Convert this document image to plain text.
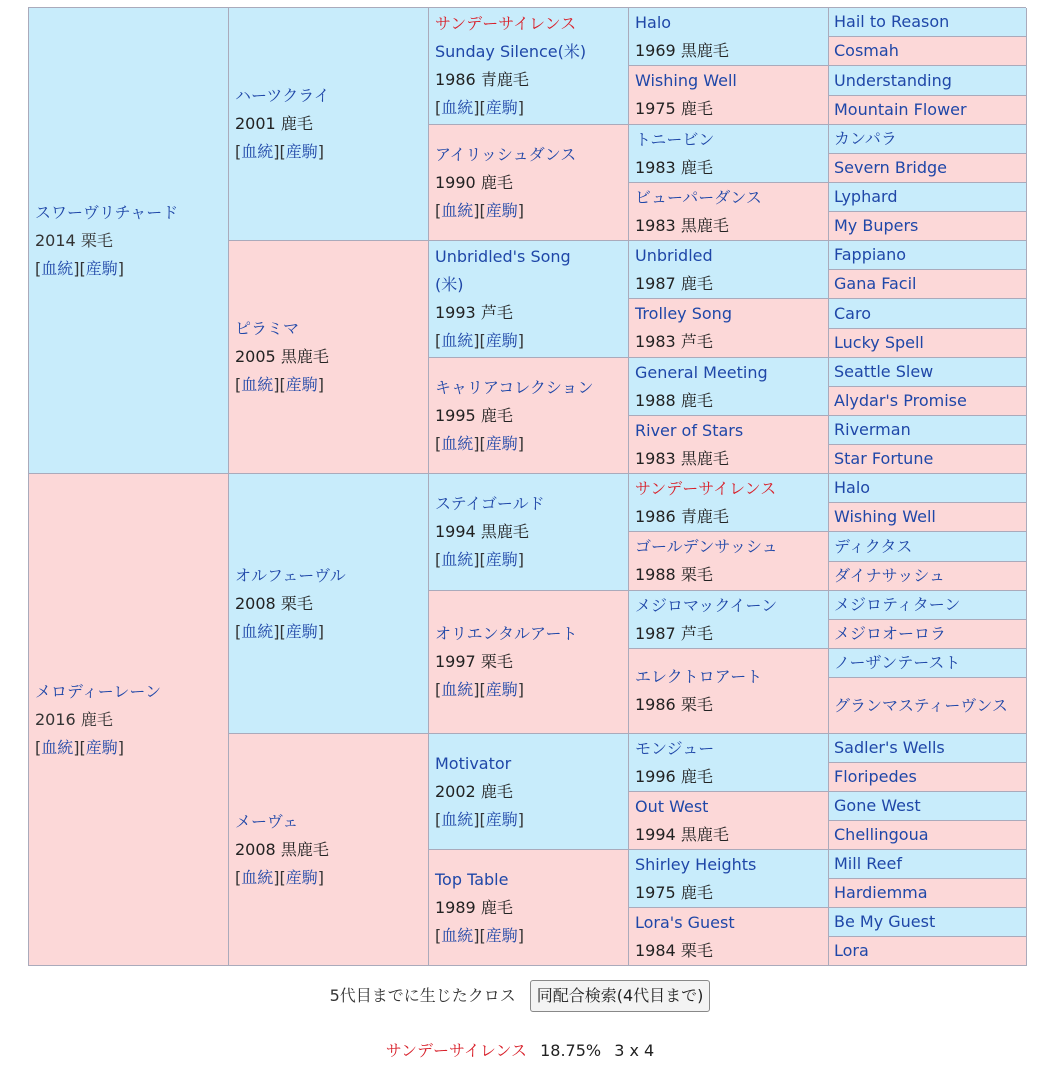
スワーヴリチャード
2014 栗毛
[血統][産駒]
メロディーレーン
2016 鹿毛
[血統][産駒]
ハーツクライ
2001 鹿毛
[血統][産駒]
ピラミマ
2005 黒鹿毛
[血統][産駒]
オルフェーヴル
2008 栗毛
[血統][産駒]
メーヴェ
2008 黒鹿毛
[血統][産駒]
サンデーサイレンス
Sunday Silence(米)
1986 青鹿毛
[血統][産駒]
アイリッシュダンス
1990 鹿毛
[血統][産駒]
Unbridled's Song
(米)
1993 芦毛
[血統][産駒]
キャリアコレクション
1995 鹿毛
[血統][産駒]
ステイゴールド
1994 黒鹿毛
[血統][産駒]
オリエンタルアート
1997 栗毛
[血統][産駒]
Motivator
2002 鹿毛
[血統][産駒]
Top Table
1989 鹿毛
[血統][産駒]
Halo
1969 黒鹿毛
Wishing Well
1975 鹿毛
トニービン
1983 鹿毛
ビューパーダンス
1983 黒鹿毛
Unbridled
1987 鹿毛
Trolley Song
1983 芦毛
General Meeting
1988 鹿毛
River of Stars
1983 黒鹿毛
サンデーサイレンス
1986 青鹿毛
ゴールデンサッシュ
1988 栗毛
メジロマックイーン
1987 芦毛
エレクトロアート
1986 栗毛
モンジュー
1996 鹿毛
Out West
1994 黒鹿毛
Shirley Heights
1975 鹿毛
Lora's Guest
1984 栗毛
Hail to Reason
Cosmah
Understanding
Mountain Flower
カンパラ
Severn Bridge
Lyphard
My Bupers
Fappiano
Gana Facil
Caro
Lucky Spell
Seattle Slew
Alydar's Promise
Riverman
Star Fortune
Halo
Wishing Well
ディクタス
ダイナサッシュ
メジロティターン
メジロオーロラ
ノーザンテースト
グランマスティーヴンス
Sadler's Wells
Floripedes
Gone West
Chellingoua
Mill Reef
Hardiemma
Be My Guest
Lora
5代目までに生じたクロス 同配合検索(4代目まで)
サンデーサイレンス 18.75% 3 x 4
